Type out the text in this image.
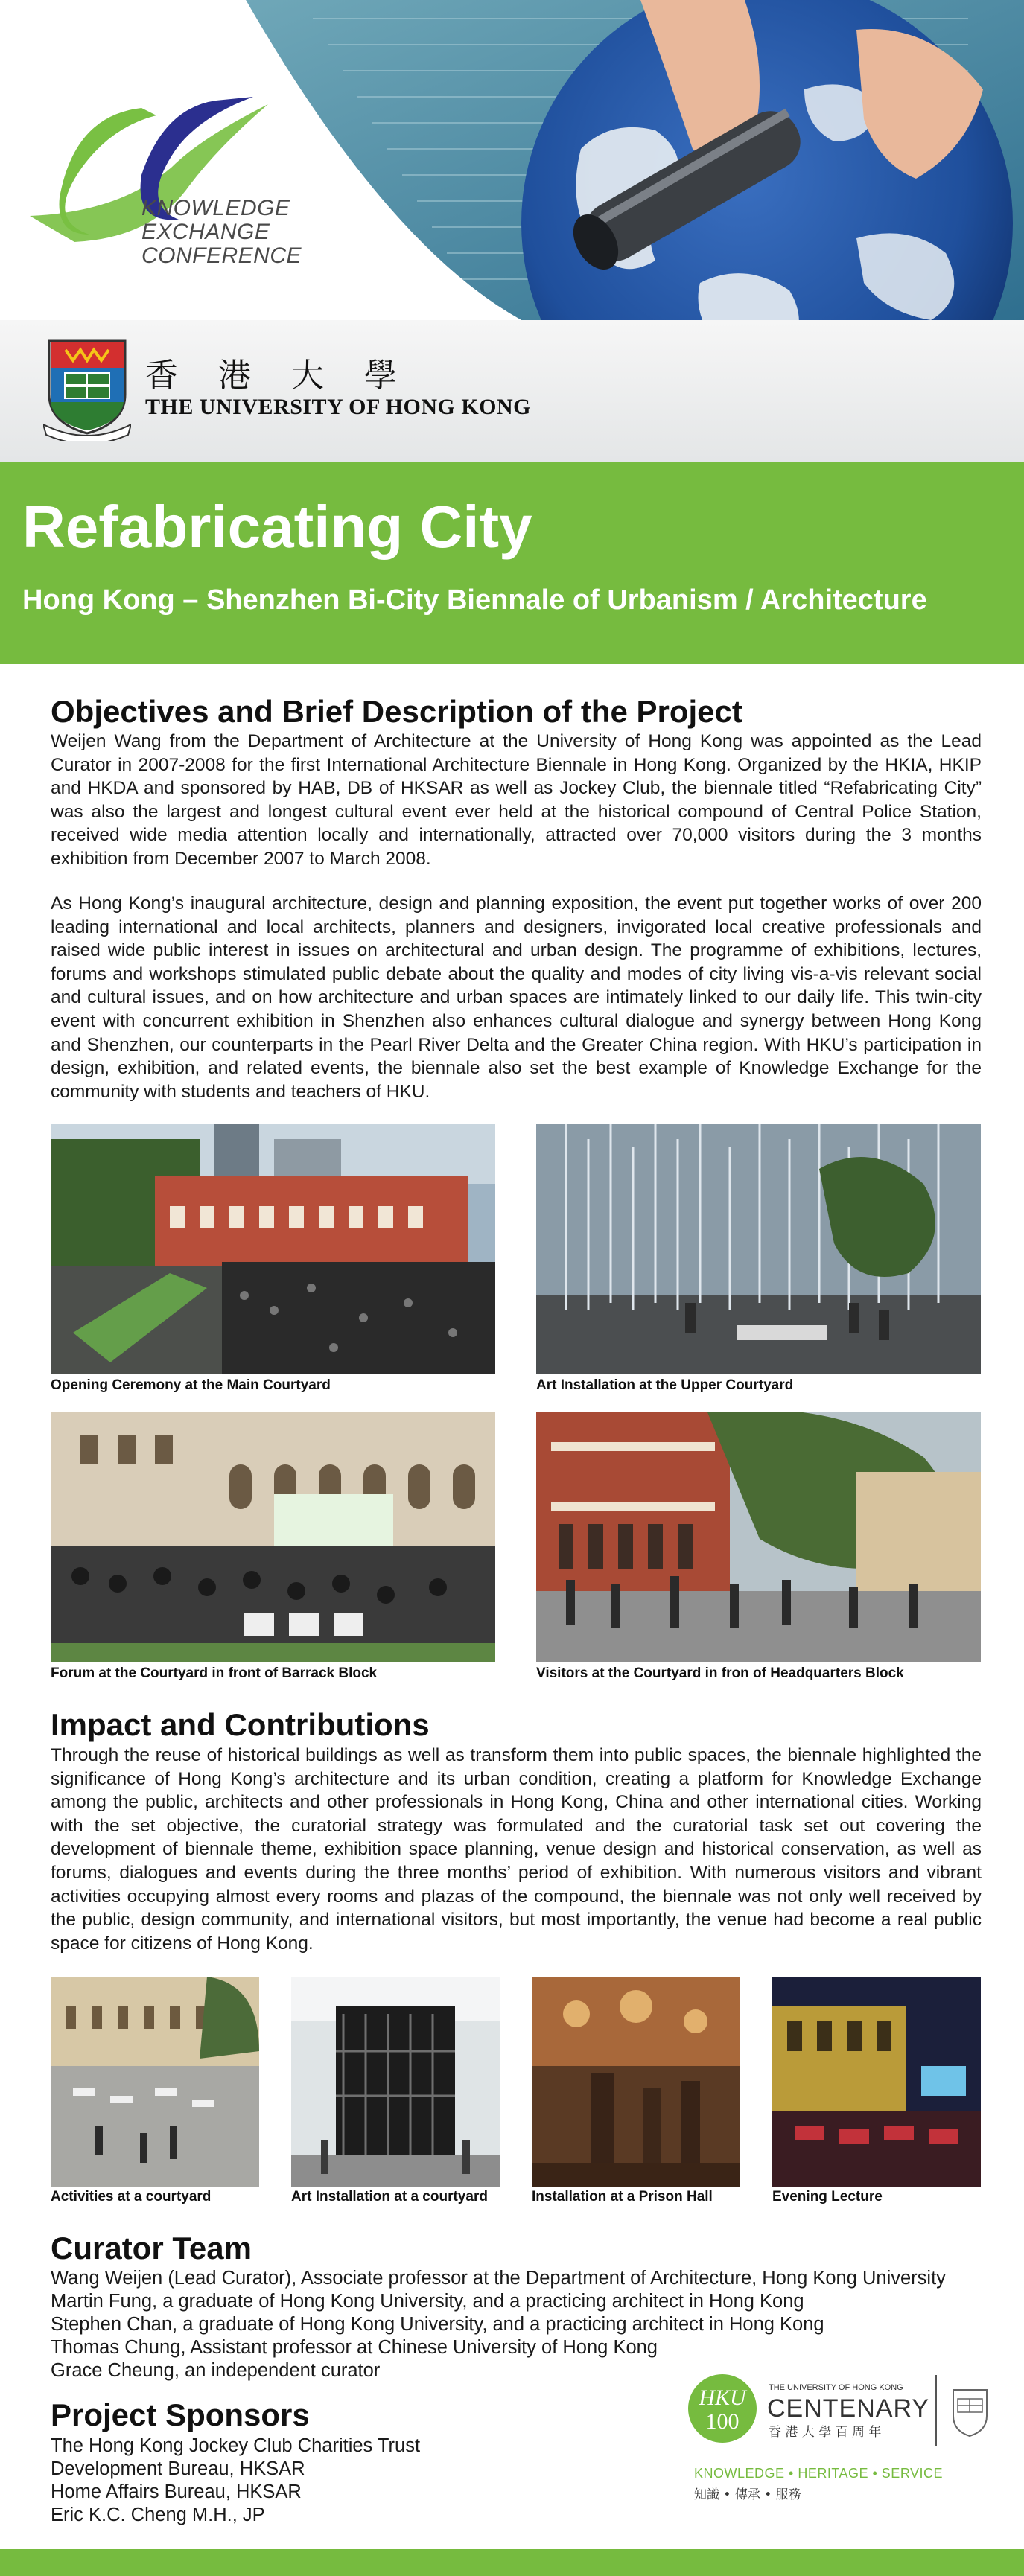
KNOWLEDGE
EXCHANGE
CONFERENCE
香 港 大 學
THE UNIVERSITY OF HONG KONG
Refabricating City
Hong Kong – Shenzhen Bi-City Biennale of Urbanism / Architecture
Objectives and Brief Description of the Project
Weijen Wang from the Department of Architecture at the University of Hong Kong was appointed as the Lead Curator in 2007-2008 for the first International Architecture Biennale in Hong Kong. Organized by the HKIA, HKIP and HKDA and sponsored by HAB, DB of HKSAR as well as Jockey Club, the biennale titled “Refabricating City” was also the largest and longest cultural event ever held at the historical compound of Central Police Station, received wide media attention locally and internationally, attracted over 70,000 visitors during the 3 months exhibition from December 2007 to March 2008.
As Hong Kong’s inaugural architecture, design and planning exposition, the event put together works of over 200 leading international and local architects, planners and designers, invigorated local creative professionals and raised wide public interest in issues on architectural and urban design. The programme of exhibitions, lectures, forums and workshops stimulated public debate about the quality and modes of city living vis-a-vis relevant social and cultural issues, and on how architecture and urban spaces are intimately linked to our daily life. This twin-city event with concurrent exhibition in Shenzhen also enhances cultural dialogue and synergy between Hong Kong and Shenzhen, our counterparts in the Pearl River Delta and the Greater China region. With HKU’s participation in design, exhibition, and related events, the biennale also set the best example of Knowledge Exchange for the community with students and teachers of HKU.
Opening Ceremony at the Main Courtyard	Art Installation at the Upper Courtyard
Forum at the Courtyard in front of Barrack Block	Visitors at the Courtyard in fron of Headquarters Block
Impact and Contributions
Through the reuse of historical buildings as well as transform them into public spaces, the biennale highlighted the significance of Hong Kong’s architecture and its urban condition, creating a platform for Knowledge Exchange among the public, architects and other professionals in Hong Kong, China and other international cities. Working with the set objective, the curatorial strategy was formulated and the curatorial task set out covering the development of biennale theme, exhibition space planning, venue design and historical conservation, as well as forums, dialogues and events during the three months’ period of exhibition. With numerous visitors and vibrant activities occupying almost every rooms and plazas of the compound, the biennale was not only well received by the public, design community, and international visitors, but most importantly, the venue had become a real public space for citizens of Hong Kong.
Activities at a courtyard	Art Installation at a courtyard	Installation at a Prison Hall	Evening Lecture
Curator Team
Wang Weijen (Lead Curator), Associate professor at the Department of Architecture, Hong Kong University
Martin Fung, a graduate of Hong Kong University, and a practicing architect in Hong Kong
Stephen Chan, a graduate of Hong Kong University, and a practicing architect in Hong Kong
Thomas Chung, Assistant professor at Chinese University of Hong Kong
Grace Cheung, an independent curator
Project Sponsors
The Hong Kong Jockey Club Charities Trust
Development Bureau, HKSAR
Home Affairs Bureau, HKSAR
Eric K.C. Cheng M.H., JP
HKU
100
THE UNIVERSITY OF HONG KONG
CENTENARY
香 港 大 學 百 周 年
KNOWLEDGE • HERITAGE • SERVICE
知識 • 傳承 • 服務
